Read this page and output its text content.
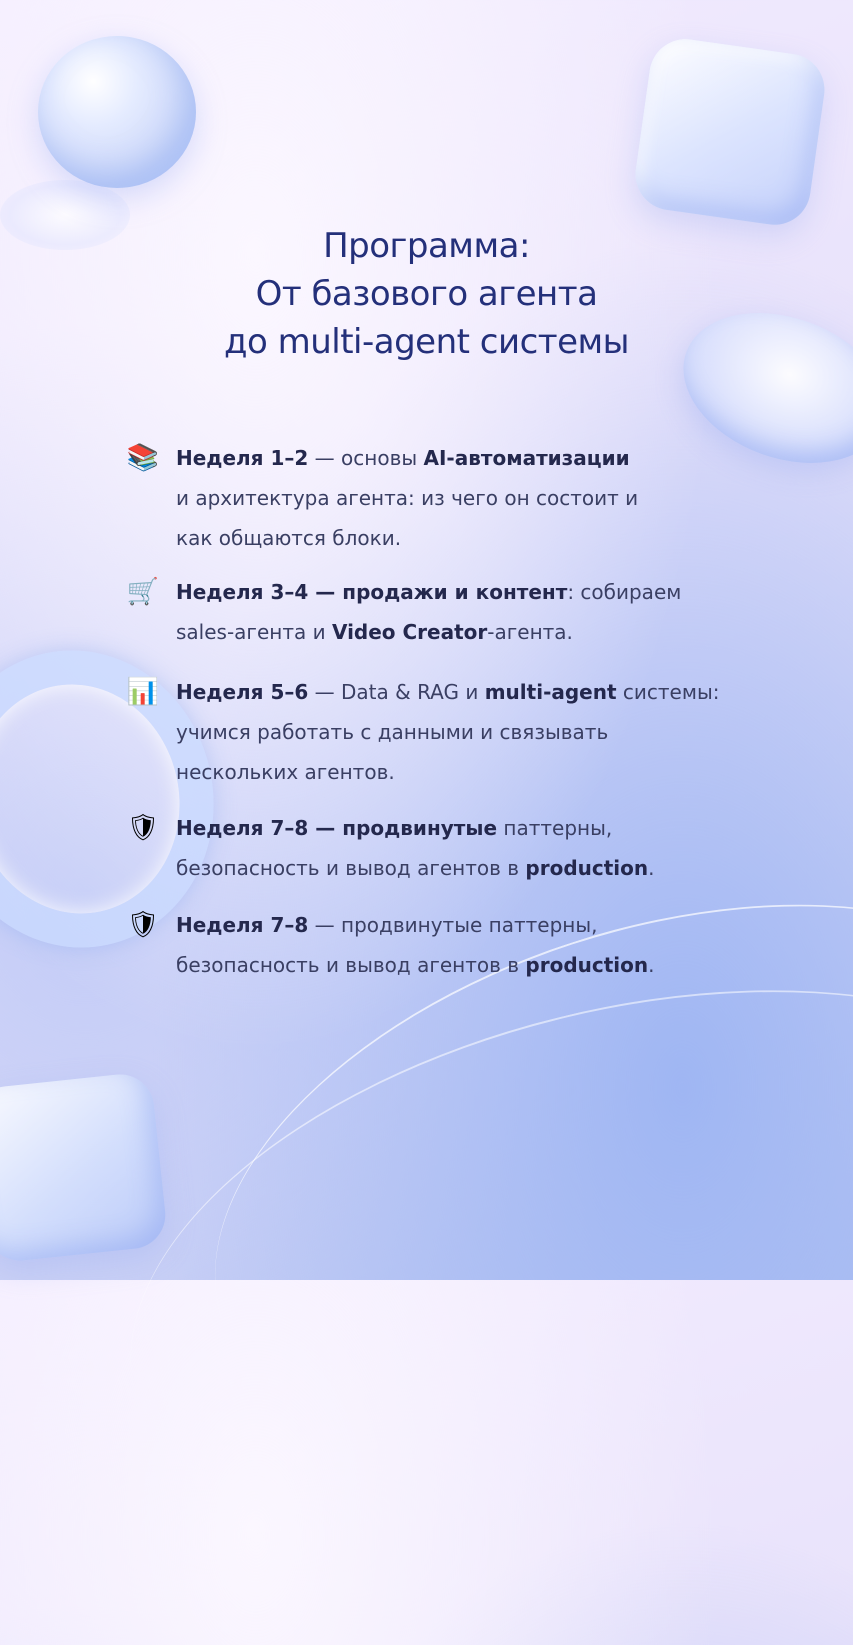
Программа:
От базового агента
до multi-agent системы
📚 Неделя 1–2 — основы AI-автоматизации
и архитектура агента: из чего он состоит и
как общаются блоки.
🛒 Неделя 3–4 — продажи и контент: собираем
sales-агента и Video Creator-агента.
📊 Неделя 5–6 — Data & RAG и multi-agent системы:
учимся работать с данными и связывать
нескольких агентов.
🛡 Неделя 7–8 — продвинутые паттерны,
безопасность и вывод агентов в production.
🛡 Неделя 7–8 — продвинутые паттерны,
безопасность и вывод агентов в production.
